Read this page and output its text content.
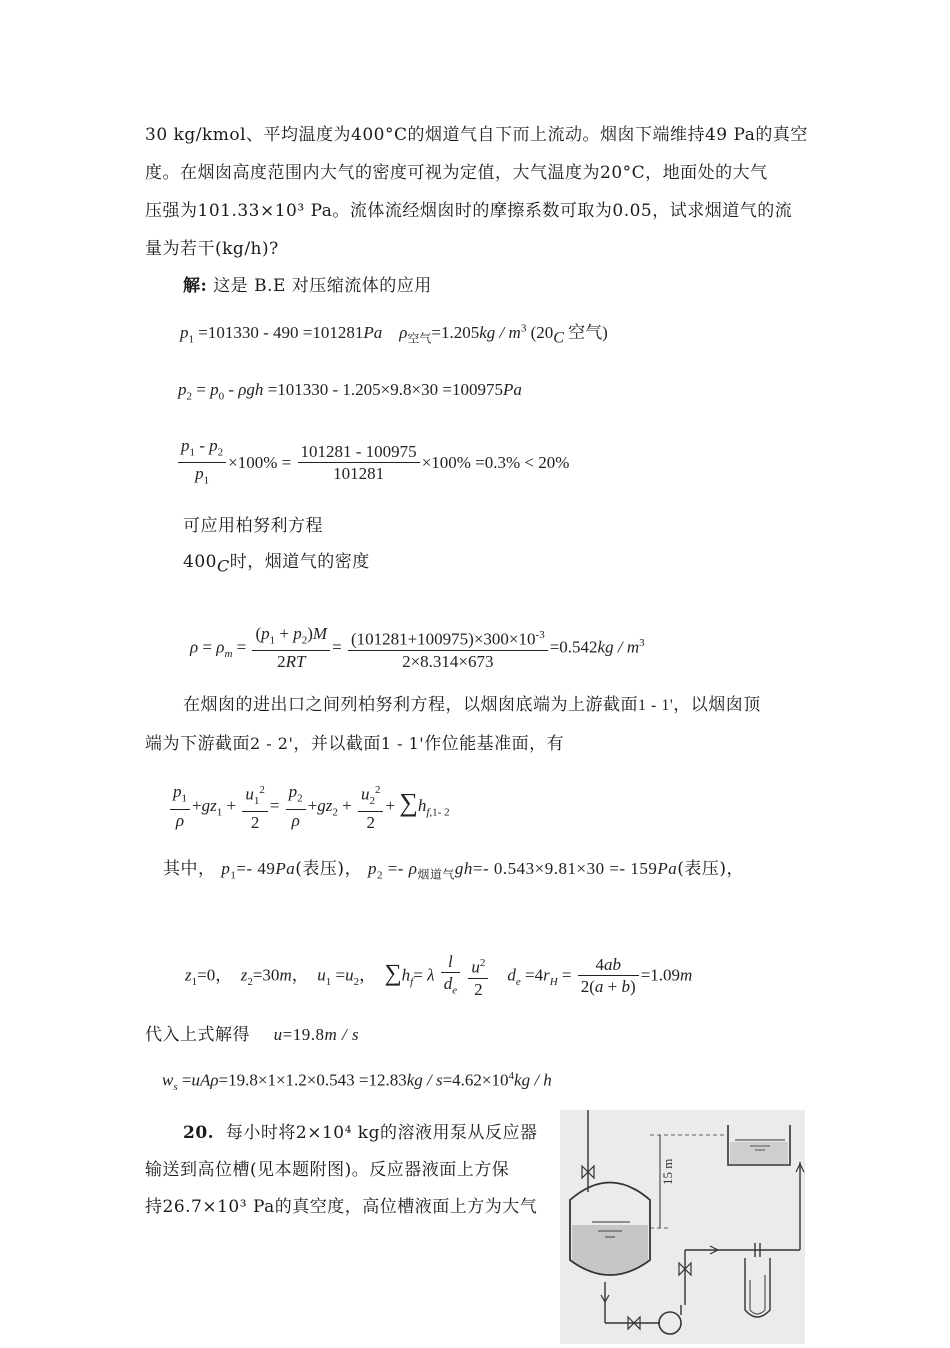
30 kg/kmol、平均温度为400°C的烟道气自下而上流动。烟囱下端维持49 Pa的真空
度。在烟囱高度范围内大气的密度可视为定值，大气温度为20°C，地面处的大气
压强为101.33×10³ Pa。流体流经烟囱时的摩擦系数可取为0.05，试求烟道气的流
量为若干(kg/h)?
解: 这是 B.E 对压缩流体的应用
$p_1 =101330 - 490 =101281Pa$ $\rho_{空气}=1.205kg / m^3$ ($20_C$ 空气)
$p_2 = p_0 - \rho gh =101330 - 1.205\times 9.8\times 30 =100975Pa$
$\frac{p_1 - p_2}{p_1} \times 100\% = \frac{101281 - 100975}{101281} \times 100\% =0.3\% < 20\%$
可应用柏努利方程
$400_C$时，烟道气的密度
$\rho = \rho_m = \frac{(p_1 + p_2)M}{2RT} = \frac{(101281+100975)\times 300\times 10^{-3}}{2\times 8.314\times 673} =0.542kg / m^3$
在烟囱的进出口之间列柏努利方程，以烟囱底端为上游截面1 - 1'，以烟囱顶
端为下游截面2 - 2'，并以截面1 - 1'作位能基准面，有
$\frac{p_1}{\rho} +gz_1 + \frac{u_1^2}{2} = \frac{p_2}{\rho} +gz_2 + \frac{u_2^2}{2} + \sum h_{f,1- 2}$
其中， $p_1=-$ 49Pa(表压)， $p_2 =- \rho_{烟道气}gh=-$ 0.543×9.81×30 =- 159Pa(表压)，
$z_1=0$，  $z_2=30m$，  $u_1 =u_2$，  $\sum h_f= \lambda \frac{l}{d_e}$
$\frac{u^2}{2} d_e =4r_H = \frac{4ab}{2(a + b)} =1.09m$
代入上式解得 u=19.8m / s
$w_s =uA\rho=19.8\times 1\times 1.2\times 0.543 =12.83kg / s=4.62\times 10^4kg / h$
20. 每小时将2×10⁴ kg的溶液用泵从反应器
输送到高位槽(见本题附图)。反应器液面上方保
持26.7×10³ Pa的真空度，高位槽液面上方为大气
15 m
